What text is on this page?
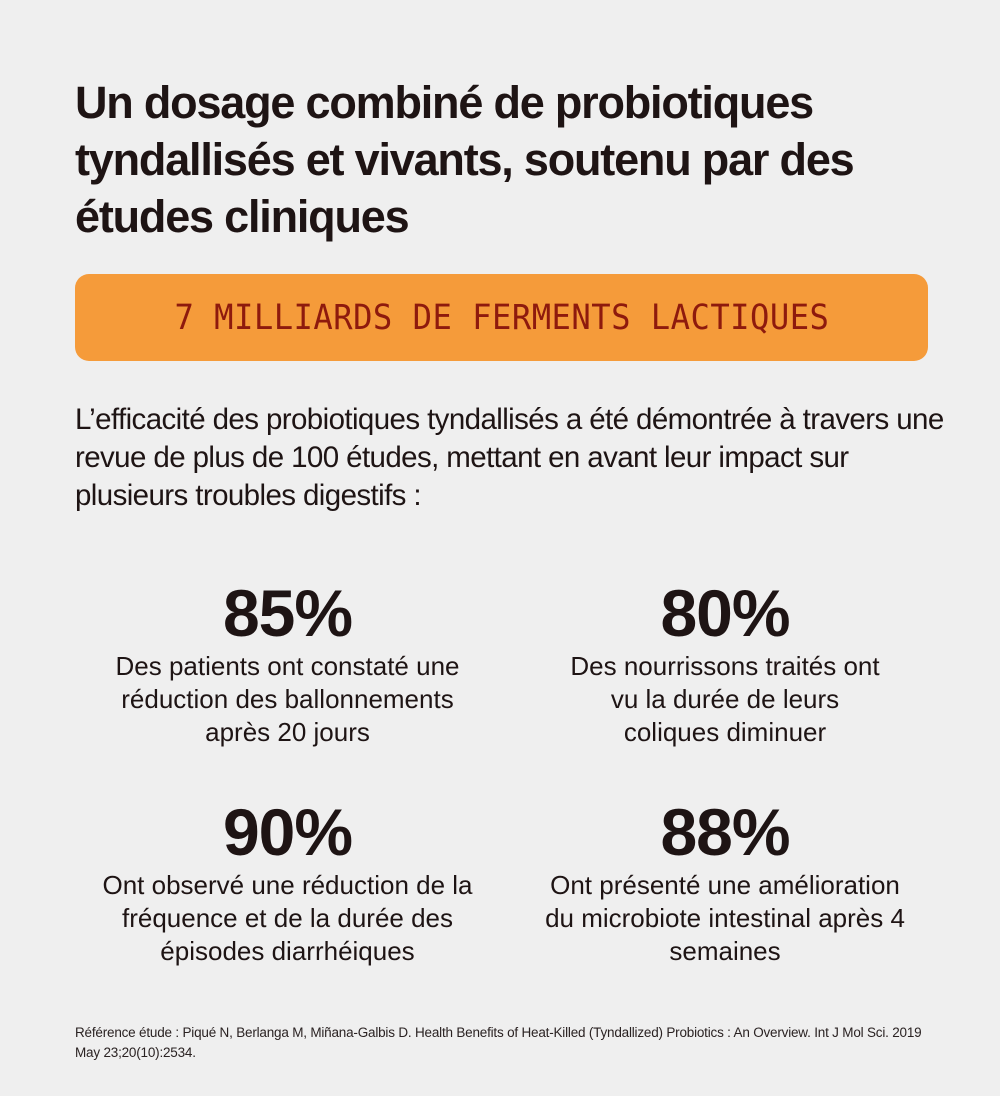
Un dosage combiné de probiotiques tyndallisés et vivants, soutenu par des études cliniques
7 MILLIARDS DE FERMENTS LACTIQUES

L’efficacité des probiotiques tyndallisés a été démontrée à travers une revue de plus de 100 études, mettant en avant leur impact sur plusieurs troubles digestifs :

85%
Des patients ont constaté une réduction des ballonnements après 20 jours
80%
Des nourrissons traités ont vu la durée de leurs coliques diminuer
90%
Ont observé une réduction de la fréquence et de la durée des épisodes diarrhéiques
88%
Ont présenté une amélioration du microbiote intestinal après 4 semaines

Référence étude : Piqué N, Berlanga M, Miñana-Galbis D. Health Benefits of Heat-Killed (Tyndallized) Probiotics : An Overview. Int J Mol Sci. 2019 May 23;20(10):2534.
